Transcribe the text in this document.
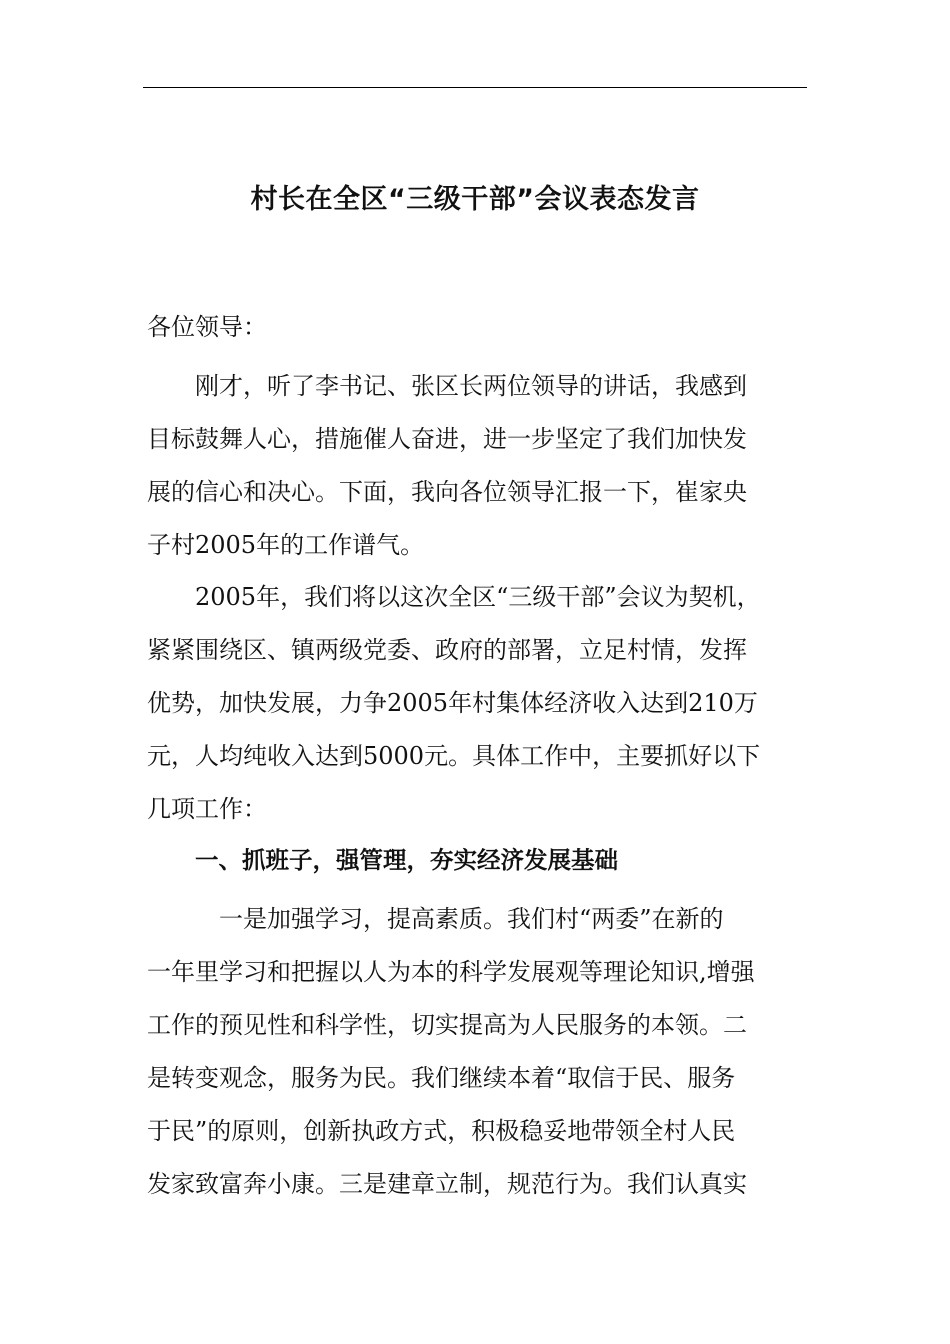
村长在全区“三级干部”会议表态发言

各位领导：

刚才，听了李书记、张区长两位领导的讲话，我感到
目标鼓舞人心，措施催人奋进，进一步坚定了我们加快发
展的信心和决心。下面，我向各位领导汇报一下，崔家央
子村2005年的工作谱气。

2005年，我们将以这次全区“三级干部”会议为契机，
紧紧围绕区、镇两级党委、政府的部署，立足村情，发挥
优势，加快发展，力争2005年村集体经济收入达到210万
元，人均纯收入达到5000元。具体工作中，主要抓好以下
几项工作：

一、抓班子，强管理，夯实经济发展基础

一是加强学习，提高素质。我们村“两委”在新的
一年里学习和把握以人为本的科学发展观等理论知识,增强
工作的预见性和科学性，切实提高为人民服务的本领。二
是转变观念，服务为民。我们继续本着“取信于民、服务
于民”的原则，创新执政方式，积极稳妥地带领全村人民
发家致富奔小康。三是建章立制，规范行为。我们认真实
